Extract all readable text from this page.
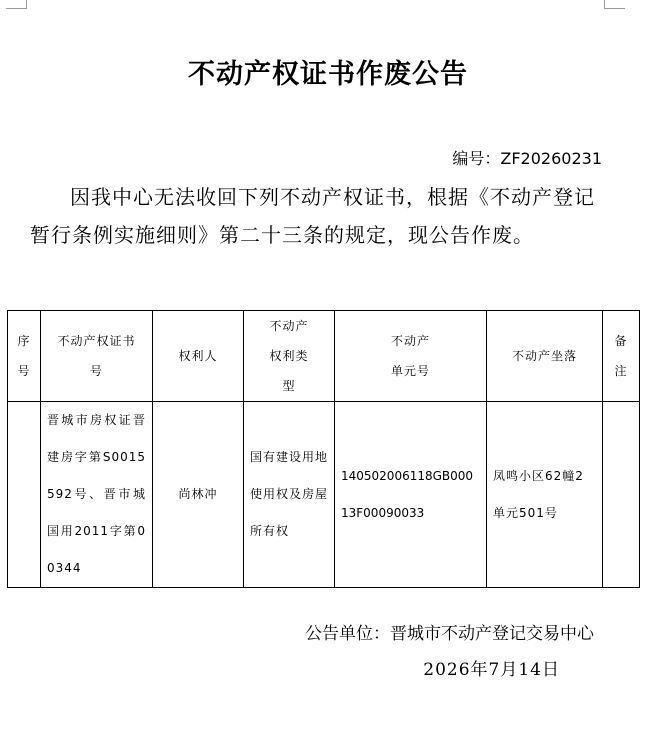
不动产权证书作废公告
编号：ZF20260231
因我中心无法收回下列不动产权证书，根据《不动产登记暂行条例实施细则》第二十三条的规定，现公告作废。
序号	不动产权证书号	权利人	不动产权利类型	不动产单元号	不动产坐落	备注
	晋城市房权证晋建房字第S0015592号、晋市城国用2011字第00344	尚林冲	国有建设用地使用权及房屋所有权	140502006118GB00013F00090033	凤鸣小区62幢2单元501号	
公告单位：晋城市不动产登记交易中心
2026年7月14日
